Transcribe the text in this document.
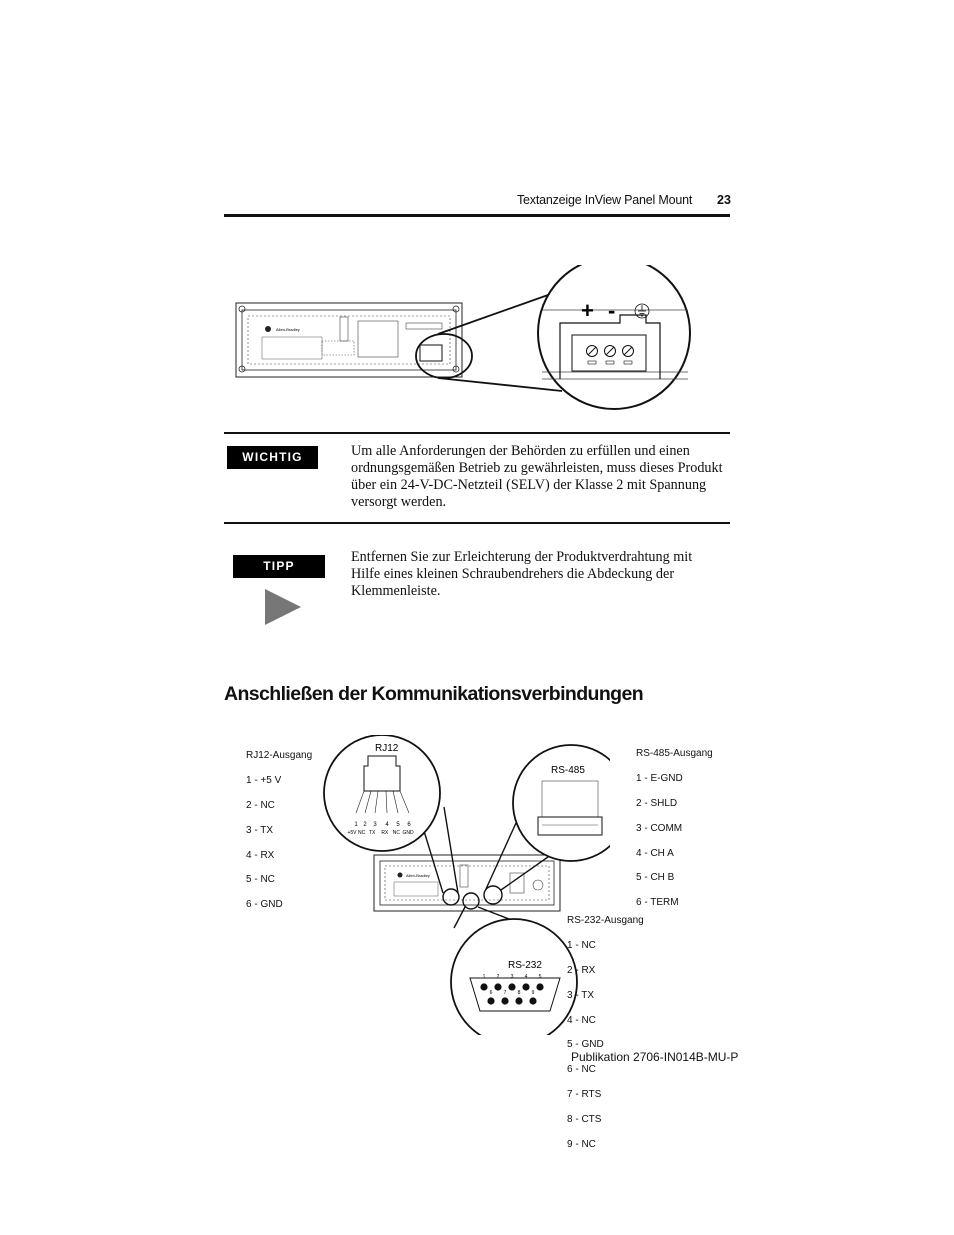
Textanzeige InView Panel Mount 23
Allen-Bradley
+ -
WICHTIG	Um alle Anforderungen der Behörden zu erfüllen und einen ordnungsgemäßen Betrieb zu gewährleisten, muss dieses Produkt über ein 24-V-DC-Netzteil (SELV) der Klasse 2 mit Spannung versorgt werden.
TIPP
Entfernen Sie zur Erleichterung der Produktverdrahtung mit Hilfe eines kleinen Schraubendrehers die Abdeckung der Klemmenleiste.
Anschließen der Kommunikationsverbindungen
Allen-Bradley
RJ12
1 2 3 4 5 6
+5V NC TX RX NC GND
RS-485
RS-232
1 2 3 4 5
6 7 8 9

RJ12-Ausgang

1 - +5 V

2 - NC

3 - TX

4 - RX

5 - NC

6 - GND

RS-485-Ausgang

1 - E-GND

2 - SHLD

3 - COMM

4 - CH A

5 - CH B

6 - TERM

RS-232-Ausgang

1 - NC

2 - RX

3 - TX

4 - NC

5 - GND

6 - NC

7 - RTS

8 - CTS

9 - NC

Publikation 2706-IN014B-MU-P
